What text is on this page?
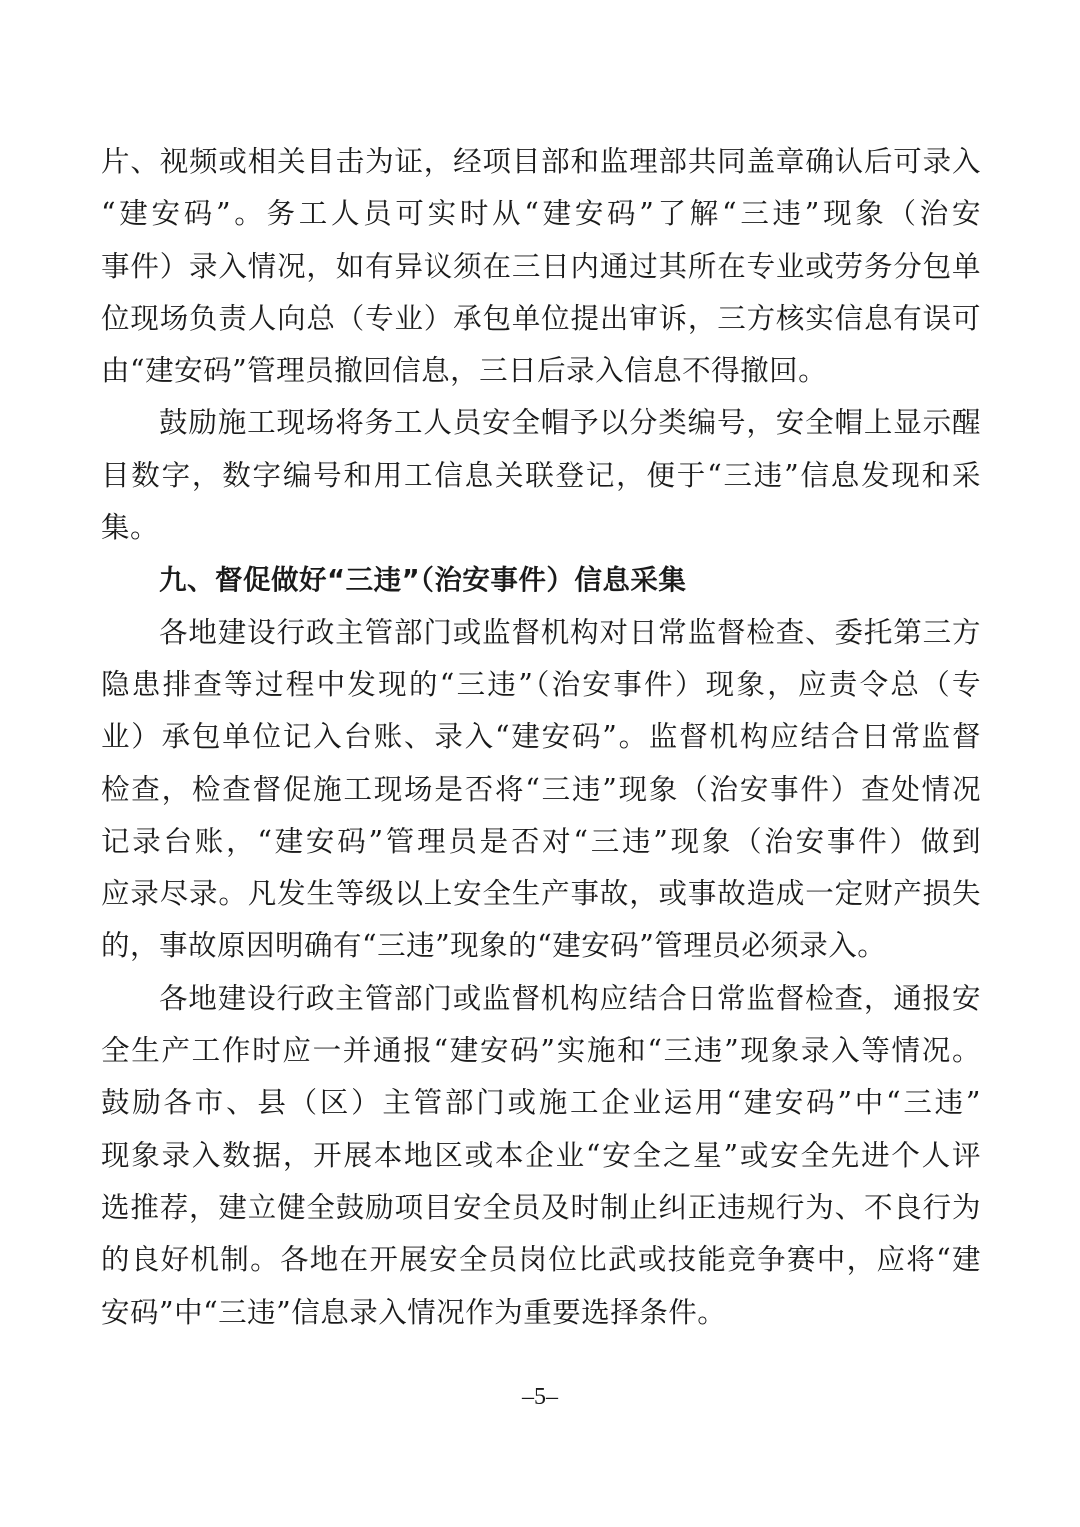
片、视频或相关目击为证，经项目部和监理部共同盖章确认后可录入
“建安码”。务工人员可实时从“建安码”了解“三违”现象（治安
事件）录入情况，如有异议须在三日内通过其所在专业或劳务分包单
位现场负责人向总（专业）承包单位提出审诉，三方核实信息有误可
由“建安码”管理员撤回信息，三日后录入信息不得撤回。
鼓励施工现场将务工人员安全帽予以分类编号，安全帽上显示醒
目数字，数字编号和用工信息关联登记，便于“三违”信息发现和采
集。
九、督促做好“三违”（治安事件）信息采集
各地建设行政主管部门或监督机构对日常监督检查、委托第三方
隐患排查等过程中发现的“三违”（治安事件）现象，应责令总（专
业）承包单位记入台账、录入“建安码”。监督机构应结合日常监督
检查，检查督促施工现场是否将“三违”现象（治安事件）查处情况
记录台账，“建安码”管理员是否对“三违”现象（治安事件）做到
应录尽录。凡发生等级以上安全生产事故，或事故造成一定财产损失
的，事故原因明确有“三违”现象的“建安码”管理员必须录入。
各地建设行政主管部门或监督机构应结合日常监督检查，通报安
全生产工作时应一并通报“建安码”实施和“三违”现象录入等情况。
鼓励各市、县（区）主管部门或施工企业运用“建安码”中“三违”
现象录入数据，开展本地区或本企业“安全之星”或安全先进个人评
选推荐，建立健全鼓励项目安全员及时制止纠正违规行为、不良行为
的良好机制。各地在开展安全员岗位比武或技能竞争赛中，应将“建
安码”中“三违”信息录入情况作为重要选择条件。
–5–
